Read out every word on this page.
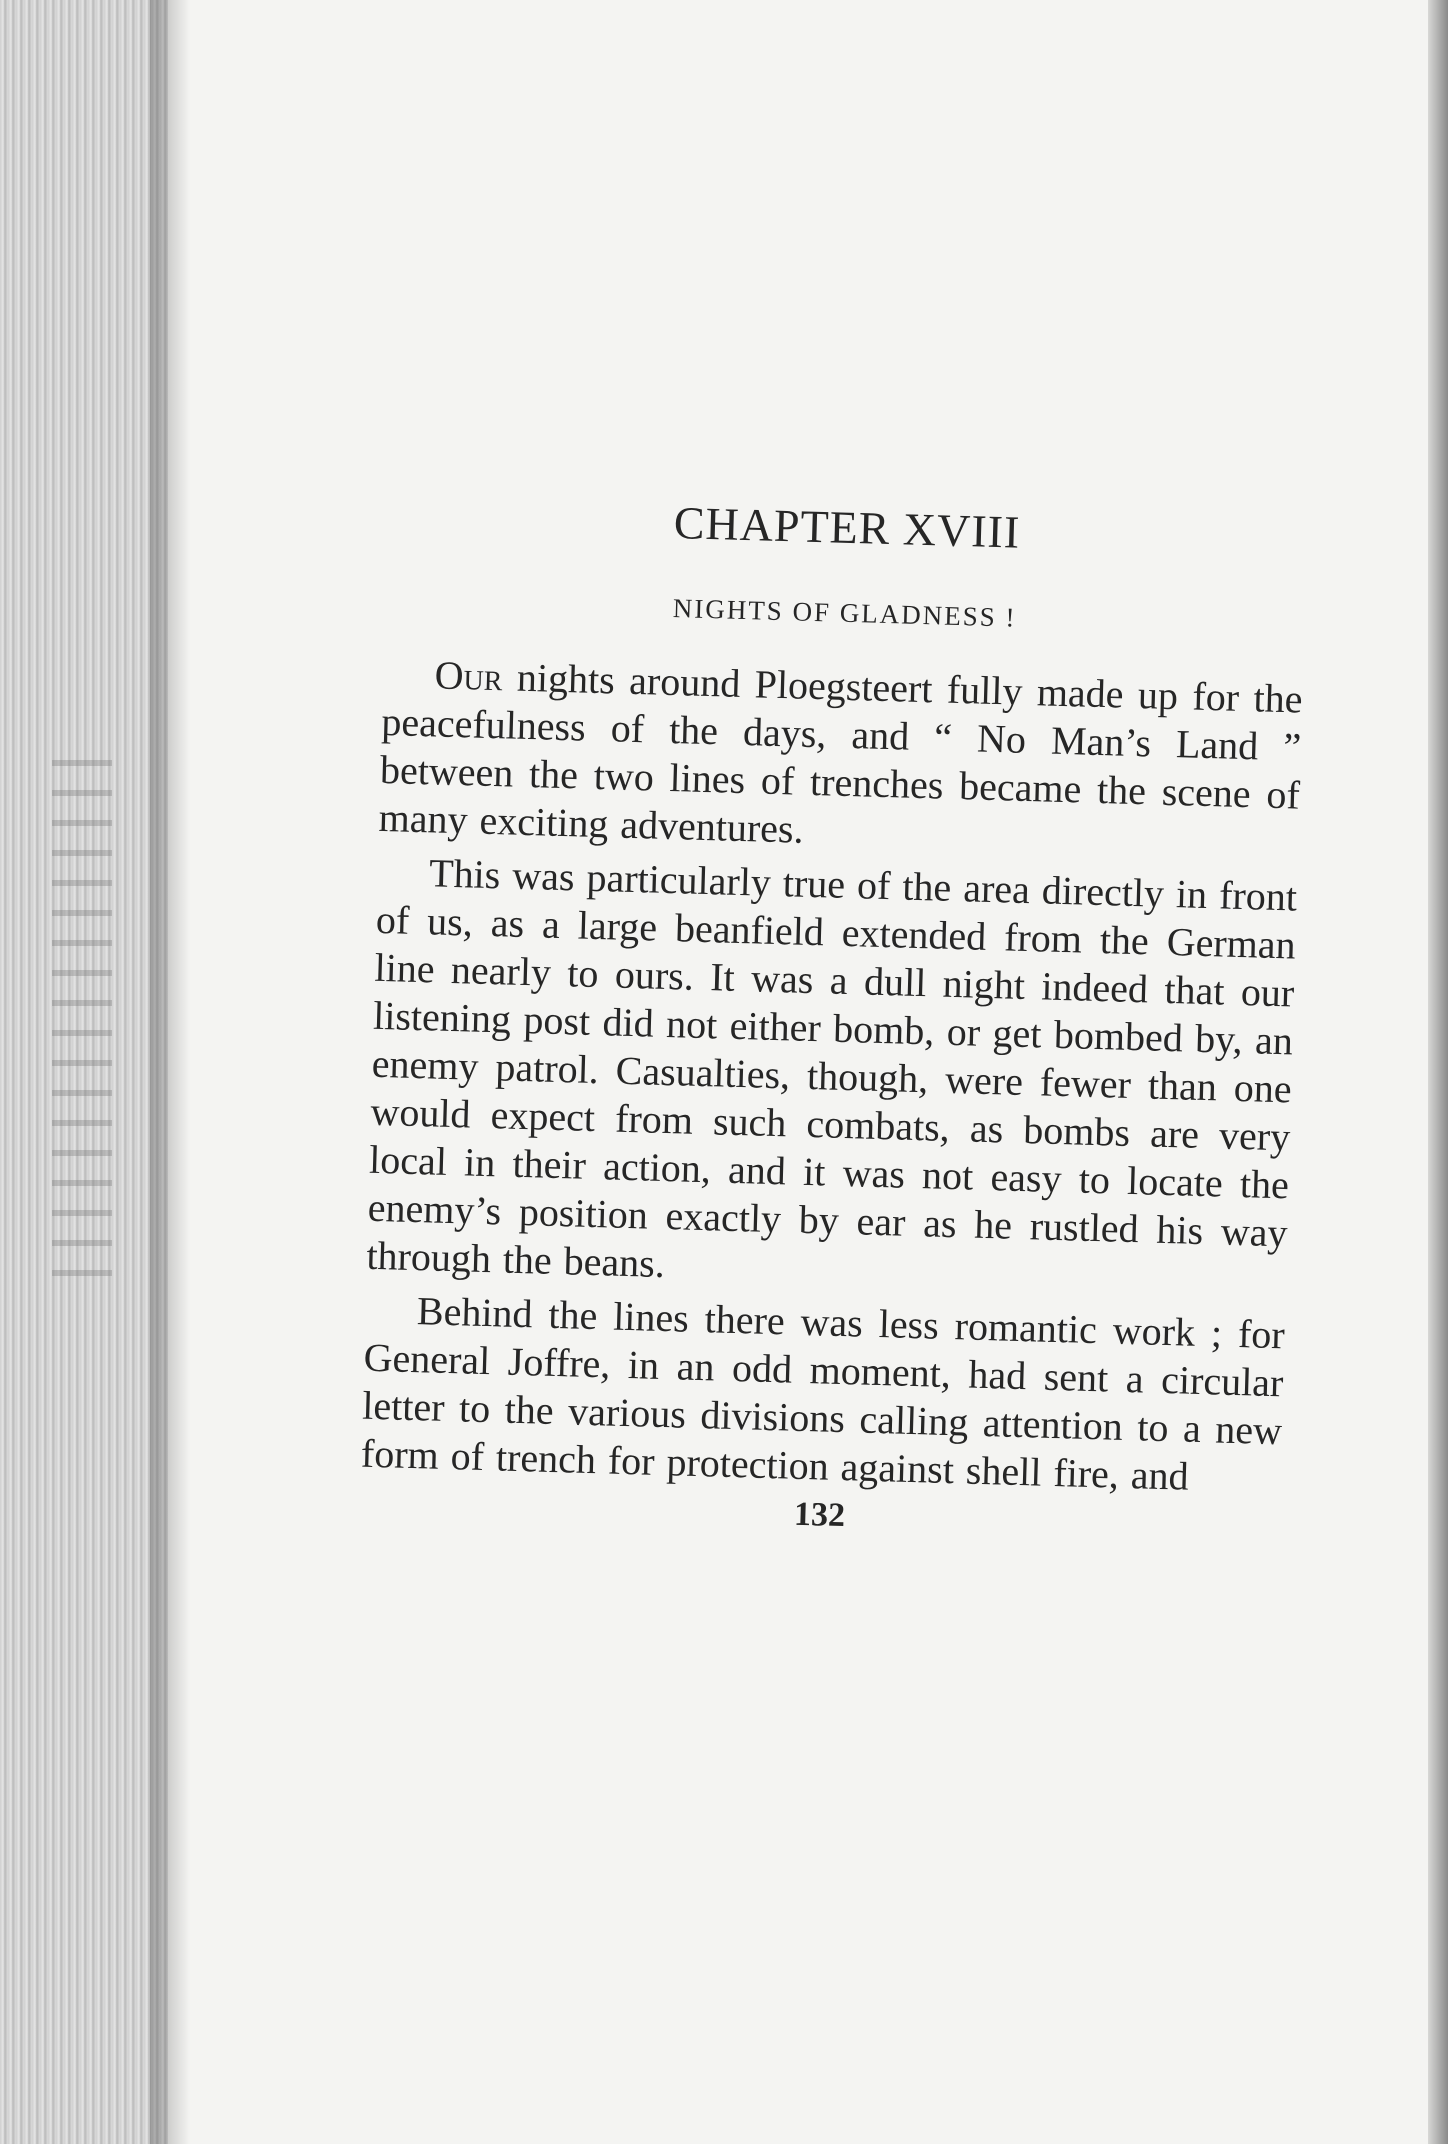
CHAPTER XVIII
NIGHTS OF GLADNESS !

Our nights around Ploegsteert fully made up for the peacefulness of the days, and “ No Man’s Land ” between the two lines of trenches became the scene of many exciting adventures.

This was particularly true of the area directly in front of us, as a large beanfield extended from the German line nearly to ours. It was a dull night indeed that our listening post did not either bomb, or get bombed by, an enemy patrol. Casualties, though, were fewer than one would expect from such combats, as bombs are very local in their action, and it was not easy to locate the enemy’s position exactly by ear as he rustled his way through the beans.

Behind the lines there was less romantic work ; for General Joffre, in an odd moment, had sent a circular letter to the various divisions calling attention to a new form of trench for protection against shell fire, and

132
